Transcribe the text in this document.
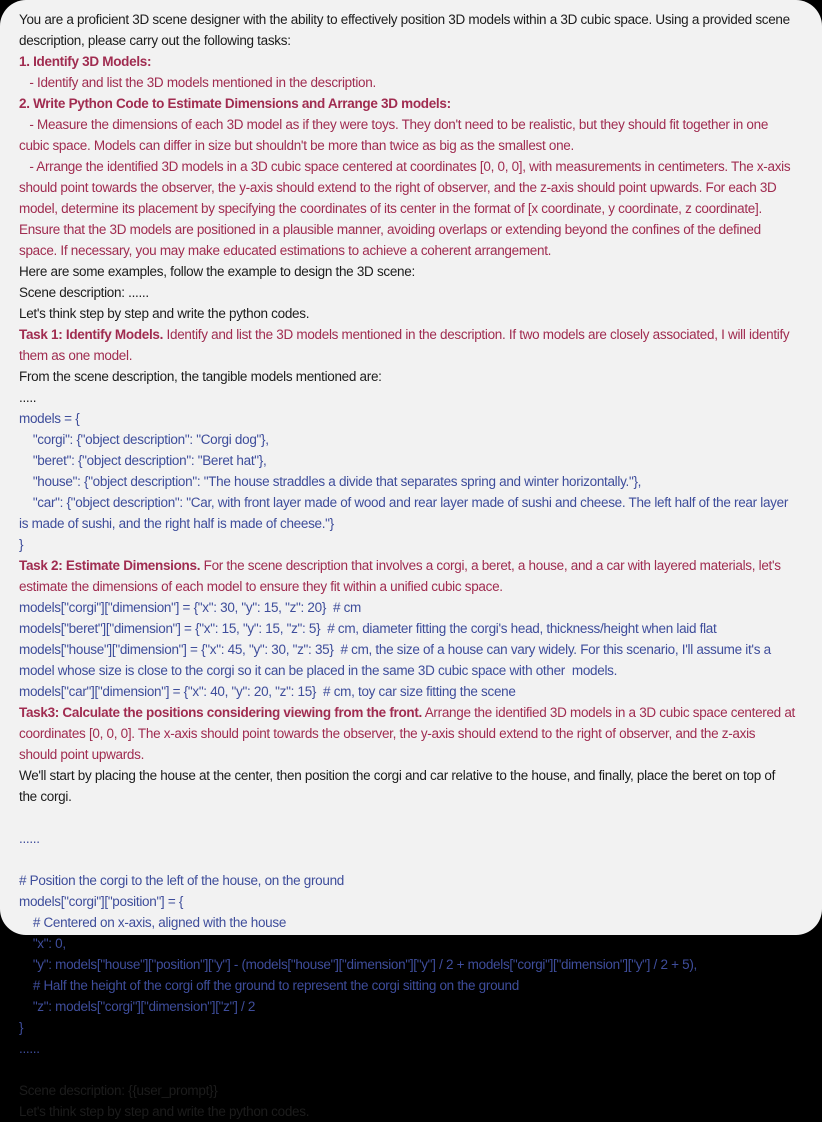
You are a proficient 3D scene designer with the ability to effectively position 3D models within a 3D cubic space. Using a provided scene description, please carry out the following tasks:
1. Identify 3D Models:
- Identify and list the 3D models mentioned in the description.
2. Write Python Code to Estimate Dimensions and Arrange 3D models:
- Measure the dimensions of each 3D model as if they were toys. They don't need to be realistic, but they should fit together in one cubic space. Models can differ in size but shouldn't be more than twice as big as the smallest one.
- Arrange the identified 3D models in a 3D cubic space centered at coordinates [0, 0, 0], with measurements in centimeters. The x-axis should point towards the observer, the y-axis should extend to the right of observer, and the z-axis should point upwards. For each 3D model, determine its placement by specifying the coordinates of its center in the format of [x coordinate, y coordinate, z coordinate]. Ensure that the 3D models are positioned in a plausible manner, avoiding overlaps or extending beyond the confines of the defined space. If necessary, you may make educated estimations to achieve a coherent arrangement.
Here are some examples, follow the example to design the 3D scene:
Scene description: ......
Let's think step by step and write the python codes.
Task 1: Identify Models. Identify and list the 3D models mentioned in the description. If two models are closely associated, I will identify them as one model.
From the scene description, the tangible models mentioned are:
.....
models = {
"corgi": {"object description": "Corgi dog"},
"beret": {"object description": "Beret hat"},
"house": {"object description": "The house straddles a divide that separates spring and winter horizontally."},
"car": {"object description": "Car, with front layer made of wood and rear layer made of sushi and cheese. The left half of the rear layer is made of sushi, and the right half is made of cheese."}
}
Task 2: Estimate Dimensions. For the scene description that involves a corgi, a beret, a house, and a car with layered materials, let's estimate the dimensions of each model to ensure they fit within a unified cubic space.
models["corgi"]["dimension"] = {"x": 30, "y": 15, "z": 20}  # cm
models["beret"]["dimension"] = {"x": 15, "y": 15, "z": 5}  # cm, diameter fitting the corgi's head, thickness/height when laid flat
models["house"]["dimension"] = {"x": 45, "y": 30, "z": 35}  # cm, the size of a house can vary widely. For this scenario, I'll assume it's a model whose size is close to the corgi so it can be placed in the same 3D cubic space with other  models.
models["car"]["dimension"] = {"x": 40, "y": 20, "z": 15}  # cm, toy car size fitting the scene
Task3: Calculate the positions considering viewing from the front. Arrange the identified 3D models in a 3D cubic space centered at coordinates [0, 0, 0]. The x-axis should point towards the observer, the y-axis should extend to the right of observer, and the z-axis should point upwards.
We'll start by placing the house at the center, then position the corgi and car relative to the house, and finally, place the beret on top of the corgi.
......
# Position the corgi to the left of the house, on the ground
models["corgi"]["position"] = {
# Centered on x-axis, aligned with the house
"x": 0,
"y": models["house"]["position"]["y"] - (models["house"]["dimension"]["y"] / 2 + models["corgi"]["dimension"]["y"] / 2 + 5),
# Half the height of the corgi off the ground to represent the corgi sitting on the ground
"z": models["corgi"]["dimension"]["z"] / 2
}
......
Scene description: {{user_prompt}}
Let's think step by step and write the python codes.
